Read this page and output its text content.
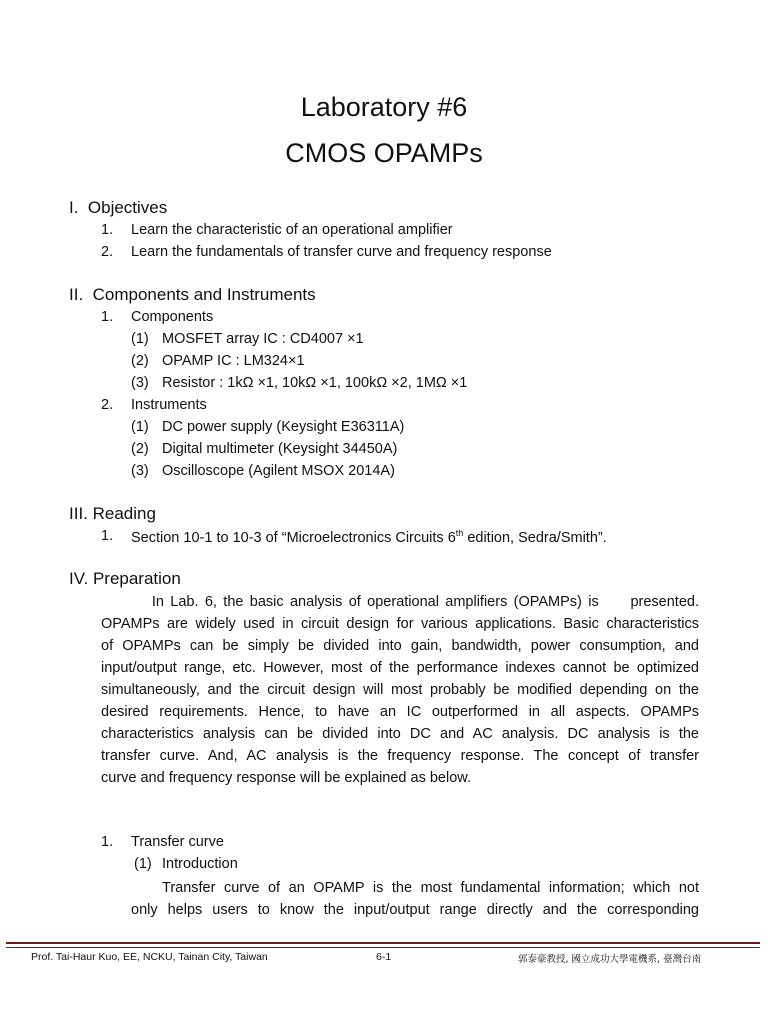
Laboratory #6
CMOS OPAMPs
I.  Objectives
1. Learn the characteristic of an operational amplifier
2. Learn the fundamentals of transfer curve and frequency response
II.  Components and Instruments
1. Components
(1) MOSFET array IC : CD4007 ×1
(2) OPAMP IC : LM324×1
(3) Resistor : 1kΩ ×1, 10kΩ ×1, 100kΩ ×2, 1MΩ ×1
2. Instruments
(1) DC power supply (Keysight E36311A)
(2) Digital multimeter (Keysight 34450A)
(3) Oscilloscope (Agilent MSOX 2014A)
III. Reading
1. Section 10-1 to 10-3 of “Microelectronics Circuits 6th edition, Sedra/Smith”.
IV. Preparation
In Lab. 6, the basic analysis of operational amplifiers (OPAMPs) is     presented.
OPAMPs are widely used in circuit design for various applications. Basic characteristics
of OPAMPs can be simply be divided into gain, bandwidth, power consumption, and
input/output range, etc. However, most of the performance indexes cannot be optimized
simultaneously, and the circuit design will most probably be modified depending on the
desired requirements. Hence, to have an IC outperformed in all aspects. OPAMPs
characteristics analysis can be divided into DC and AC analysis. DC analysis is the
transfer curve. And, AC analysis is the frequency response. The concept of transfer
curve and frequency response will be explained as below.
1. Transfer curve
(1) Introduction
Transfer curve of an OPAMP is the most fundamental information; which not
only helps users to know the input/output range directly and the corresponding
Prof. Tai-Haur Kuo, EE, NCKU, Tainan City, Taiwan	6-1	郭泰豪教授, 國立成功大學電機系, 臺灣台南
